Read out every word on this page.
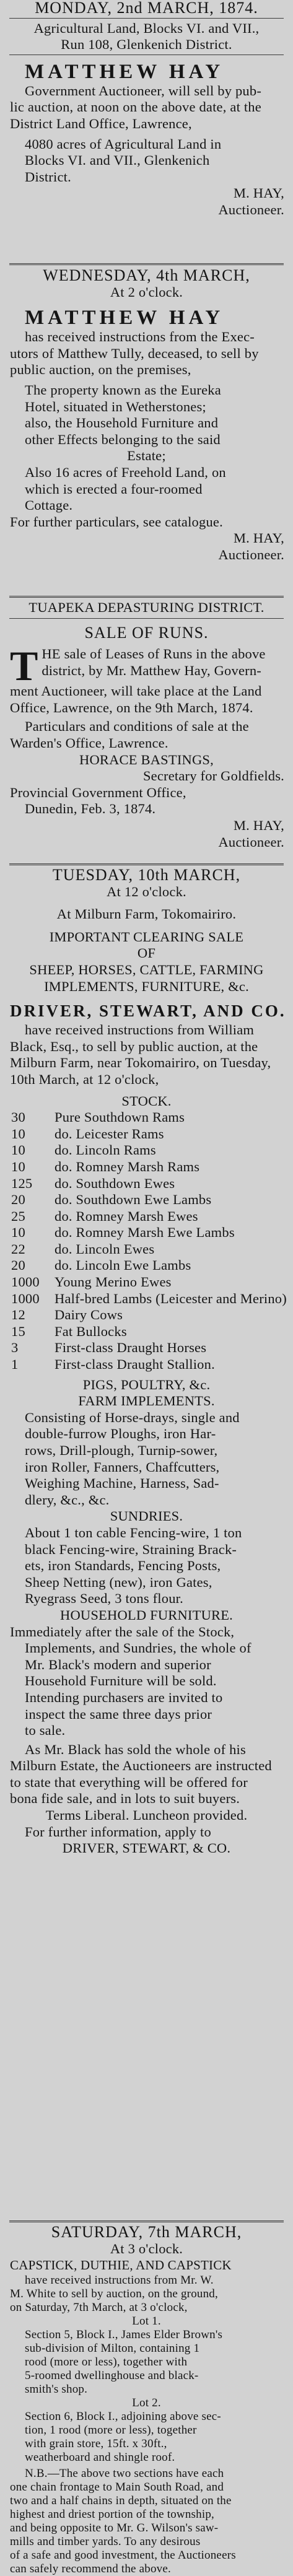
MONDAY, 2nd MARCH, 1874.
Agricultural Land, Blocks VI. and VII.,
Run 108, Glenkenich District.
MATTHEW HAY
Government Auctioneer, will sell by pub-
lic auction, at noon on the above date, at the
District Land Office, Lawrence,
4080 acres of Agricultural Land in
Blocks VI. and VII., Glenkenich
District.
M. HAY,
Auctioneer.
WEDNESDAY, 4th MARCH,
At 2 o'clock.
MATTHEW HAY
has received instructions from the Exec-
utors of Matthew Tully, deceased, to sell by
public auction, on the premises,
The property known as the Eureka
Hotel, situated in Wetherstones;
also, the Household Furniture and
other Effects belonging to the said
Estate;
Also 16 acres of Freehold Land, on
which is erected a four-roomed
Cottage.
For further particulars, see catalogue.
M. HAY,
Auctioneer.
TUAPEKA DEPASTURING DISTRICT.
SALE OF RUNS.
T HE sale of Leases of Runs in the above
district, by Mr. Matthew Hay, Govern-
ment Auctioneer, will take place at the Land
Office, Lawrence, on the 9th March, 1874.
Particulars and conditions of sale at the
Warden's Office, Lawrence.
HORACE BASTINGS,
Secretary for Goldfields.
Provincial Government Office,
Dunedin, Feb. 3, 1874.
M. HAY,
Auctioneer.
TUESDAY, 10th MARCH,
At 12 o'clock.
At Milburn Farm, Tokomairiro.
IMPORTANT CLEARING SALE
OF
SHEEP, HORSES, CATTLE, FARMING
IMPLEMENTS, FURNITURE, &c.
DRIVER, STEWART, AND CO.
have received instructions from William
Black, Esq., to sell by public auction, at the
Milburn Farm, near Tokomairiro, on Tuesday,
10th March, at 12 o'clock,
STOCK.
30 Pure Southdown Rams
10 do. Leicester Rams
10 do. Lincoln Rams
10 do. Romney Marsh Rams
125 do. Southdown Ewes
20 do. Southdown Ewe Lambs
25 do. Romney Marsh Ewes
10 do. Romney Marsh Ewe Lambs
22 do. Lincoln Ewes
20 do. Lincoln Ewe Lambs
1000 Young Merino Ewes
1000 Half-bred Lambs (Leicester and Merino)
12 Dairy Cows
15 Fat Bullocks
3	First-class Draught Horses
1	First-class Draught Stallion.
PIGS, POULTRY, &c.
FARM IMPLEMENTS.
Consisting of Horse-drays, single and
double-furrow Ploughs, iron Har-
rows, Drill-plough, Turnip-sower,
iron Roller, Fanners, Chaffcutters,
Weighing Machine, Harness, Sad-
dlery, &c., &c.
SUNDRIES.
About 1 ton cable Fencing-wire, 1 ton
black Fencing-wire, Straining Brack-
ets, iron Standards, Fencing Posts,
Sheep Netting (new), iron Gates,
Ryegrass Seed, 3 tons flour.
HOUSEHOLD FURNITURE.
Immediately after the sale of the Stock,
Implements, and Sundries, the whole of
Mr. Black's modern and superior
Household Furniture will be sold.
Intending purchasers are invited to
inspect the same three days prior
to sale.
As Mr. Black has sold the whole of his
Milburn Estate, the Auctioneers are instructed
to state that everything will be offered for
bona fide sale, and in lots to suit buyers.
Terms Liberal. Luncheon provided.
For further information, apply to
DRIVER, STEWART, & CO.
SATURDAY, 7th MARCH,
At 3 o'clock.
CAPSTICK, DUTHIE, AND CAPSTICK
have received instructions from Mr. W.
M. White to sell by auction, on the ground,
on Saturday, 7th March, at 3 o'clock,
Lot 1.
Section 5, Block I., James Elder Brown's
sub-division of Milton, containing 1
rood (more or less), together with
5-roomed dwellinghouse and black-
smith's shop.
Lot 2.
Section 6, Block I., adjoining above sec-
tion, 1 rood (more or less), together
with grain store, 15ft. x 30ft.,
weatherboard and shingle roof.
N.B.—The above two sections have each
one chain frontage to Main South Road, and
two and a half chains in depth, situated on the
highest and driest portion of the township,
and being opposite to Mr. G. Wilson's saw-
mills and timber yards. To any desirous
of a safe and good investment, the Auctioneers
can safely recommend the above.
